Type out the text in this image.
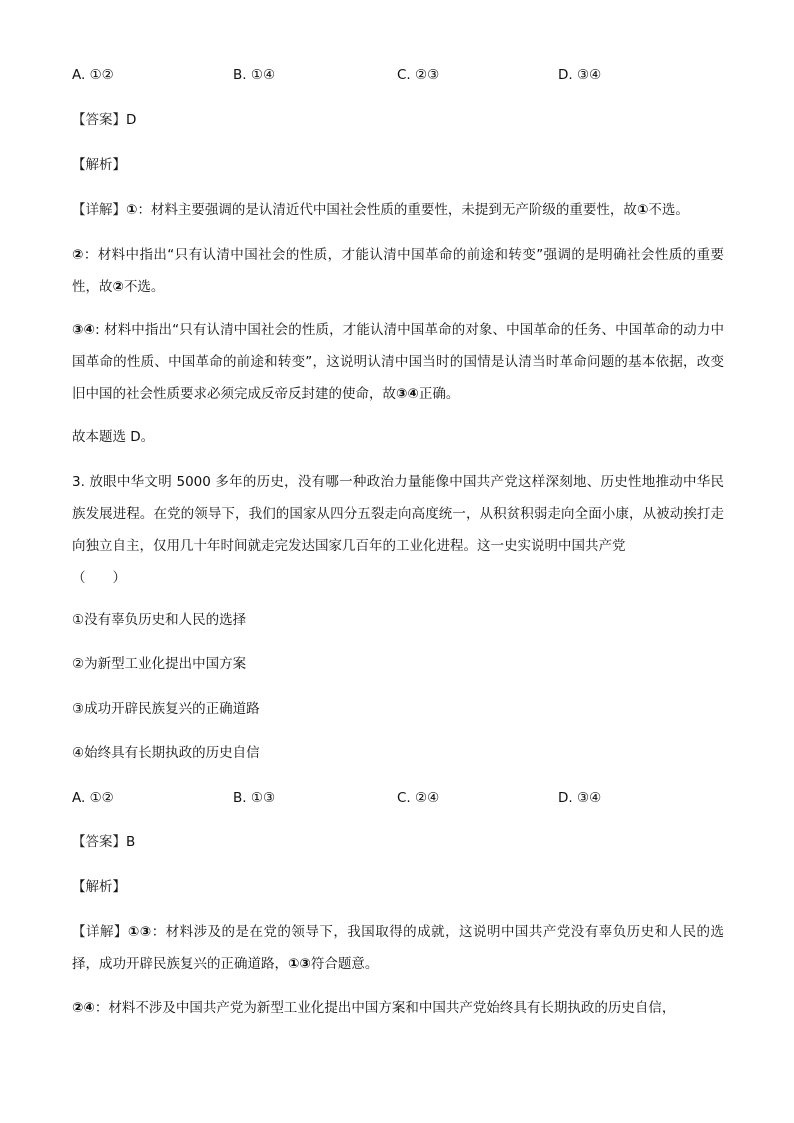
A. ①②	B. ①④	C. ②③	D. ③④
【答案】D
【解析】
【详解】①：材料主要强调的是认清近代中国社会性质的重要性，未提到无产阶级的重要性，故①不选。
②：材料中指出“只有认清中国社会的性质，才能认清中国革命的前途和转变”强调的是明确社会性质的重要性，故②不选。
③④: 材料中指出“只有认清中国社会的性质，才能认清中国革命的对象、中国革命的任务、中国革命的动力中国革命的性质、中国革命的前途和转变”，这说明认清中国当时的国情是认清当时革命问题的基本依据，改变旧中国的社会性质要求必须完成反帝反封建的使命，故③④正确。
故本题选 D。
3. 放眼中华文明 5000 多年的历史，没有哪一种政治力量能像中国共产党这样深刻地、历史性地推动中华民族发展进程。在党的领导下，我们的国家从四分五裂走向高度统一，从积贫积弱走向全面小康，从被动挨打走向独立自主，仅用几十年时间就走完发达国家几百年的工业化进程。这一史实说明中国共产党
（　　）
①没有辜负历史和人民的选择
②为新型工业化提出中国方案
③成功开辟民族复兴的正确道路
④始终具有长期执政的历史自信
A. ①②	B. ①③	C. ②④	D. ③④
【答案】B
【解析】
【详解】①③：材料涉及的是在党的领导下，我国取得的成就，这说明中国共产党没有辜负历史和人民的选择，成功开辟民族复兴的正确道路，①③符合题意。
②④：材料不涉及中国共产党为新型工业化提出中国方案和中国共产党始终具有长期执政的历史自信，
